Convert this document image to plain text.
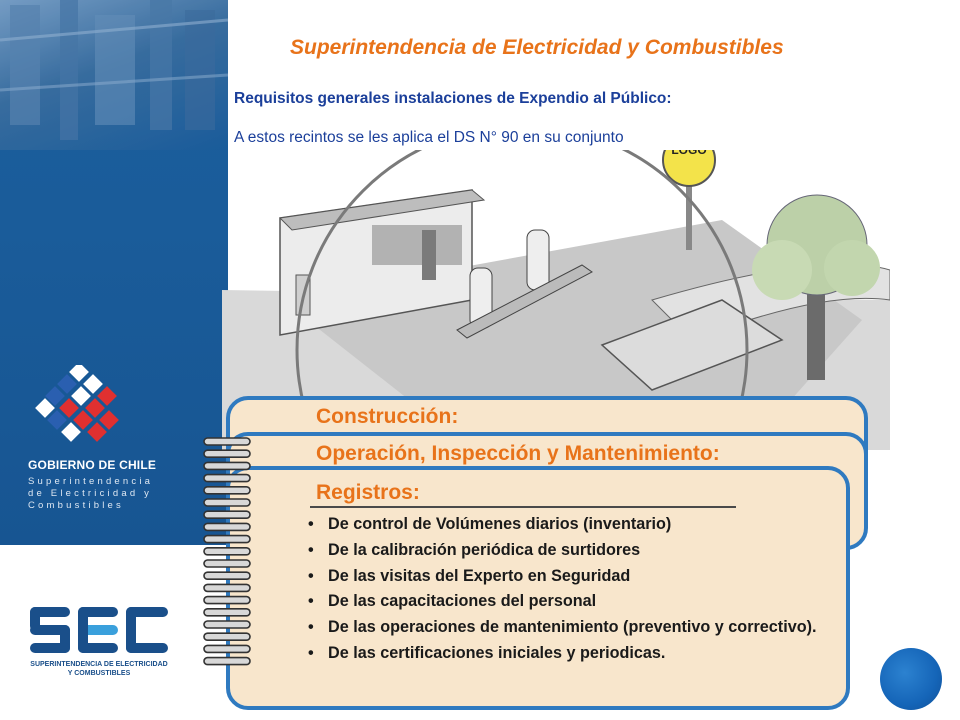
GOBIERNO DE CHILE
Superintendencia
de Electricidad y
Combustibles
SUPERINTENDENCIA DE ELECTRICIDAD
Y COMBUSTIBLES
Superintendencia de Electricidad y Combustibles
Requisitos generales instalaciones de Expendio al Público:
LOGO
A estos recintos se les aplica el DS N° 90 en su conjunto
Construcción:
Operación, Inspección y Mantenimiento:
Registros:
• De control de Volúmenes diarios (inventario)
• De la calibración periódica de surtidores
• De las visitas del Experto en Seguridad
• De las capacitaciones del personal
• De las operaciones de mantenimiento (preventivo y correctivo).
• De las certificaciones iniciales y periodicas.
